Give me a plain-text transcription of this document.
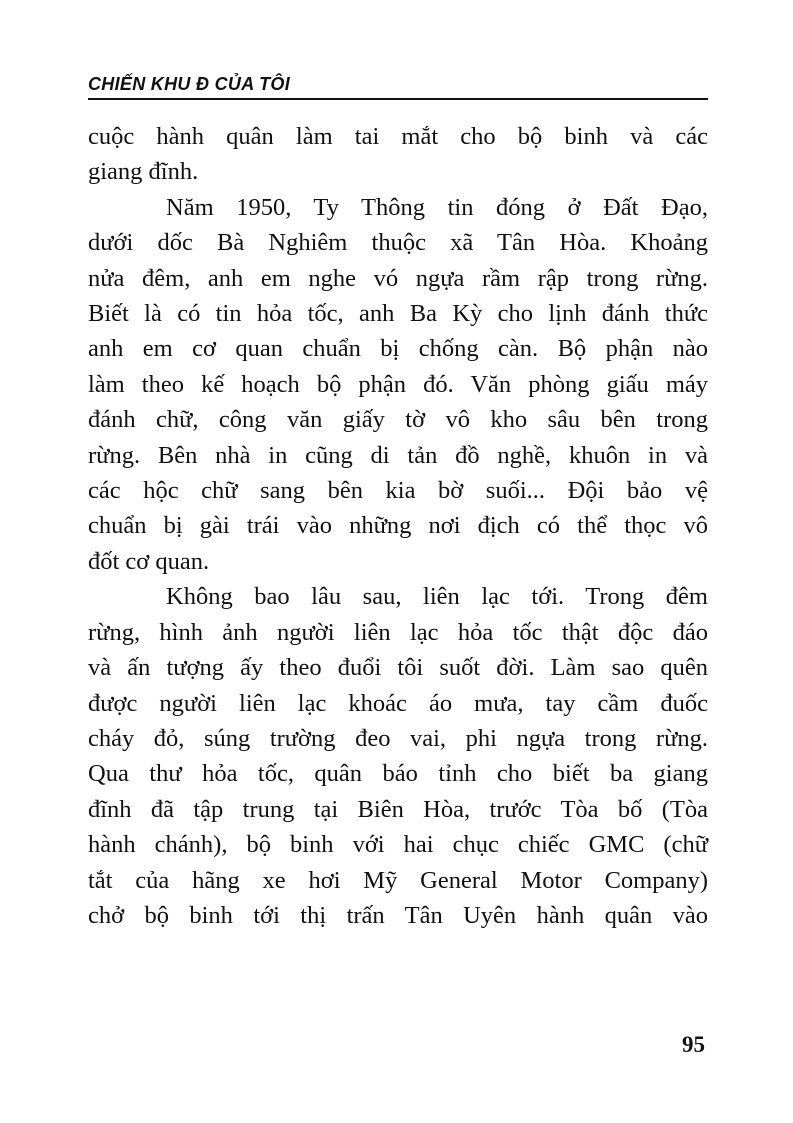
CHIẾN KHU Đ CỦA TÔI
cuộc hành quân làm tai mắt cho bộ binh và các
giang đĩnh.
Năm 1950, Ty Thông tin đóng ở Đất Đạo,
dưới dốc Bà Nghiêm thuộc xã Tân Hòa. Khoảng
nửa đêm, anh em nghe vó ngựa rầm rập trong rừng.
Biết là có tin hỏa tốc, anh Ba Kỳ cho lịnh đánh thức
anh em cơ quan chuẩn bị chống càn. Bộ phận nào
làm theo kế hoạch bộ phận đó. Văn phòng giấu máy
đánh chữ, công văn giấy tờ vô kho sâu bên trong
rừng. Bên nhà in cũng di tản đồ nghề, khuôn in và
các hộc chữ sang bên kia bờ suối... Đội bảo vệ
chuẩn bị gài trái vào những nơi địch có thể thọc vô
đốt cơ quan.
Không bao lâu sau, liên lạc tới. Trong đêm
rừng, hình ảnh người liên lạc hỏa tốc thật độc đáo
và ấn tượng ấy theo đuổi tôi suốt đời. Làm sao quên
được người liên lạc khoác áo mưa, tay cầm đuốc
cháy đỏ, súng trường đeo vai, phi ngựa trong rừng.
Qua thư hỏa tốc, quân báo tỉnh cho biết ba giang
đĩnh đã tập trung tại Biên Hòa, trước Tòa bố (Tòa
hành chánh), bộ binh với hai chục chiếc GMC (chữ
tắt của hãng xe hơi Mỹ General Motor Company)
chở bộ binh tới thị trấn Tân Uyên hành quân vào
95
